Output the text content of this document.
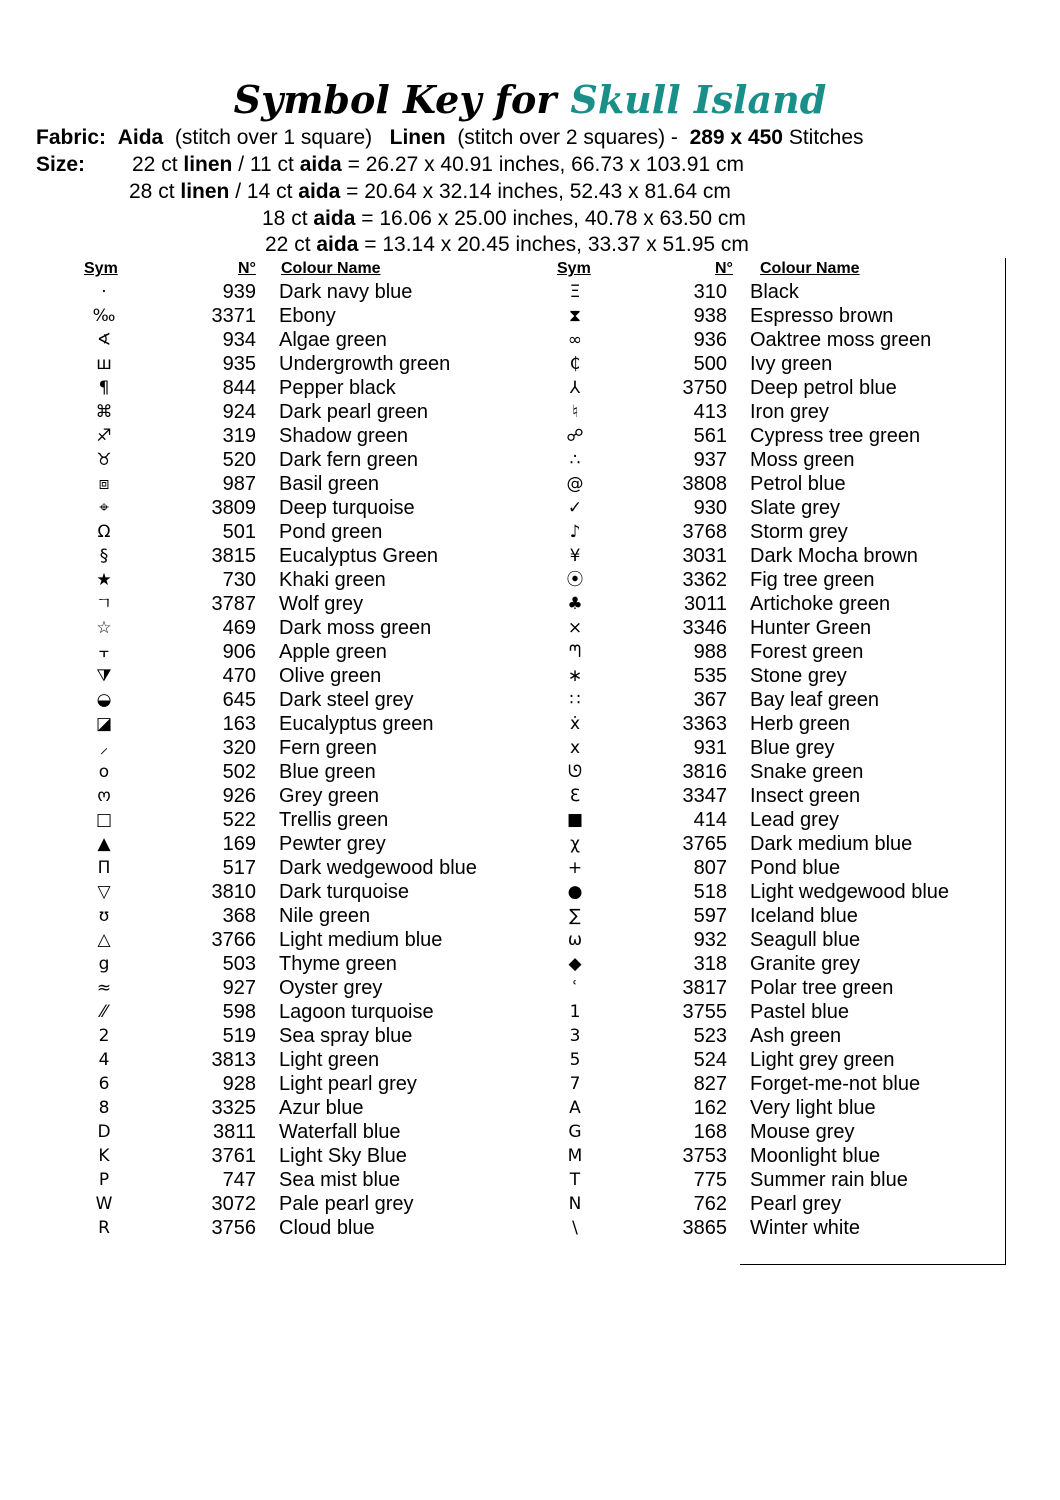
Symbol Key for Skull Island
Fabric: Aida (stitch over 1 square) Linen (stitch over 2 squares) - 289 x 450 Stitches
Size: 22 ct linen / 11 ct aida = 26.27 x 40.91 inches, 66.73 x 103.91 cm
28 ct linen / 14 ct aida = 20.64 x 32.14 inches, 52.43 x 81.64 cm
18 ct aida = 16.06 x 25.00 inches, 40.78 x 63.50 cm
22 ct aida = 13.14 x 20.45 inches, 33.37 x 51.95 cm
Sym	N° Colour Name	Sym	N° Colour Name
·	939 Dark navy blue
‰	3371 Ebony
∢	934 Algae green
ш	935 Undergrowth green
¶	844 Pepper black
⌘	924 Dark pearl green
♐	319 Shadow green
♉	520 Dark fern green
⧈	987 Basil green
⌖	3809 Deep turquoise
Ω	501 Pond green
§	3815 Eucalyptus Green
★	730 Khaki green
ㄱ	3787 Wolf grey
☆	469 Dark moss green
⫟	906 Apple green
⧩	470 Olive green
◒	645 Dark steel grey
◪	163 Eucalyptus green
⸝	320 Fern green
o	502 Blue green
ო	926 Grey green
□	522 Trellis green
▲	169 Pewter grey
Π	517 Dark wedgewood blue
▽	3810 Dark turquoise
ʊ	368 Nile green
△	3766 Light medium blue
g	503 Thyme green
≈	927 Oyster grey
⁄⁄	598 Lagoon turquoise
2	519 Sea spray blue
4	3813 Light green
6	928 Light pearl grey
8	3325 Azur blue
D	3811 Waterfall blue
K	3761 Light Sky Blue
P	747 Sea mist blue
W	3072 Pale pearl grey
R	3756 Cloud blue
Ξ	310 Black
⧗	938 Espresso brown
∞	936 Oaktree moss green
₵	500 Ivy green
⅄	3750 Deep petrol blue
♮	413 Iron grey
☍	561 Cypress tree green
∴	937 Moss green
@	3808 Petrol blue
✓	930 Slate grey
♪	3768 Storm grey
¥	3031 Dark Mocha brown
⦿	3362 Fig tree green
♣	3011 Artichoke green
⨯	3346 Hunter Green
ᘉ	988 Forest green
∗	535 Stone grey
∷	367 Bay leaf green
ẋ	3363 Herb green
x	931 Blue grey
ᘎ	3816 Snake green
ℇ	3347 Insect green
■	414 Lead grey
χ	3765 Dark medium blue
+	807 Pond blue
●	518 Light wedgewood blue
∑	597 Iceland blue
ω	932 Seagull blue
◆	318 Granite grey
ʿ	3817 Polar tree green
1	3755 Pastel blue
3	523 Ash green
5	524 Light grey green
7	827 Forget-me-not blue
A	162 Very light blue
G	168 Mouse grey
M	3753 Moonlight blue
T	775 Summer rain blue
N	762 Pearl grey
\	3865 Winter white
